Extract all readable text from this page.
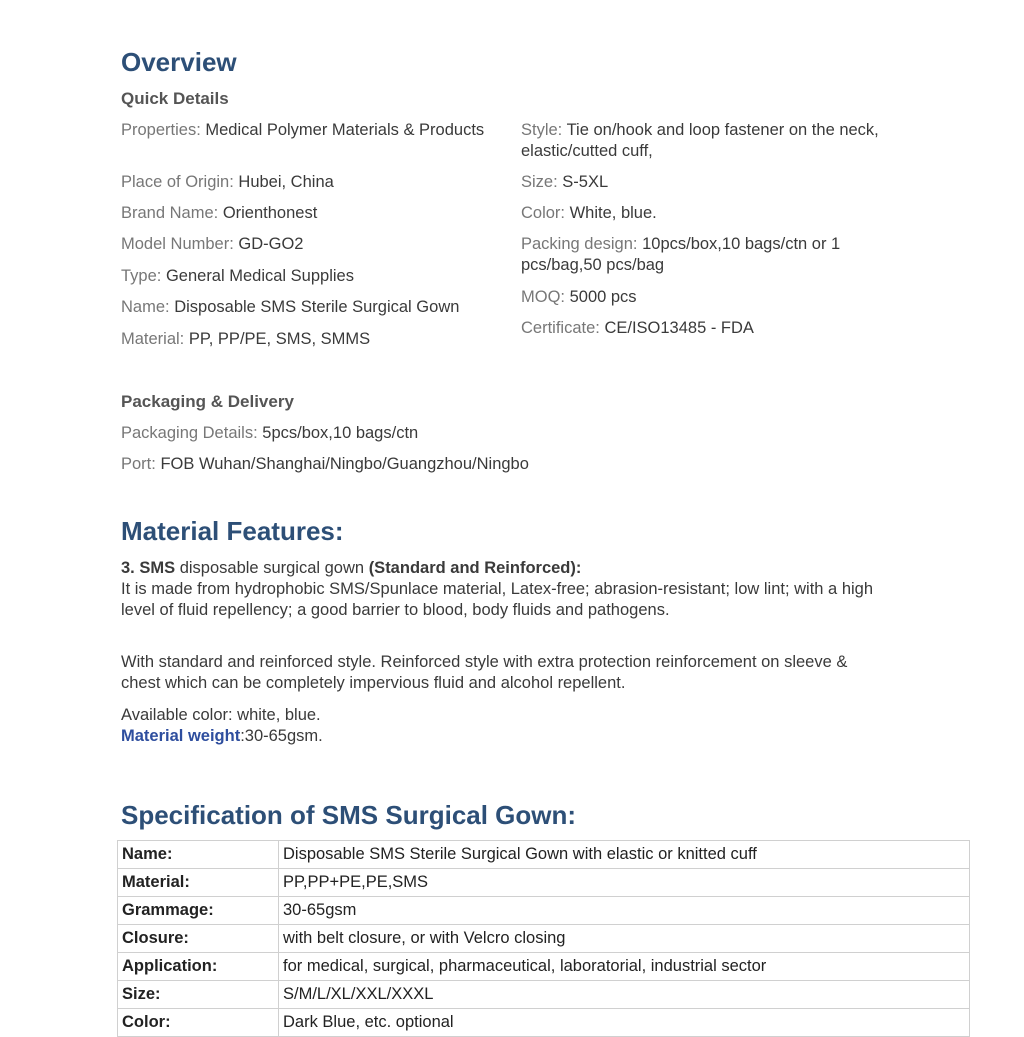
Overview
Quick Details
Properties: Medical Polymer Materials & Products
Place of Origin: Hubei, China
Brand Name: Orienthonest
Model Number: GD-GO2
Type: General Medical Supplies
Name: Disposable SMS Sterile Surgical Gown
Material: PP, PP/PE, SMS, SMMS
Style: Tie on/hook and loop fastener on the neck, elastic/cutted cuff,
Size: S-5XL
Color: White, blue.
Packing design: 10pcs/box,10 bags/ctn or 1 pcs/bag,50 pcs/bag
MOQ: 5000 pcs
Certificate: CE/ISO13485 - FDA
Packaging & Delivery
Packaging Details: 5pcs/box,10 bags/ctn
Port: FOB Wuhan/Shanghai/Ningbo/Guangzhou/Ningbo
Material Features:
3. SMS disposable surgical gown (Standard and Reinforced):
It is made from hydrophobic SMS/Spunlace material, Latex-free; abrasion-resistant; low lint; with a high level of fluid repellency; a good barrier to blood, body fluids and pathogens.
With standard and reinforced style. Reinforced style with extra protection reinforcement on sleeve & chest which can be completely impervious fluid and alcohol repellent.
Available color: white, blue.
Material weight:30-65gsm.
Specification of SMS Surgical Gown:
Name:	Disposable SMS Sterile Surgical Gown with elastic or knitted cuff
Material:	PP,PP+PE,PE,SMS
Grammage:	30-65gsm
Closure:	with belt closure, or with Velcro closing
Application:	for medical, surgical, pharmaceutical, laboratorial, industrial sector
Size:	S/M/L/XL/XXL/XXXL
Color:	Dark Blue, etc. optional
